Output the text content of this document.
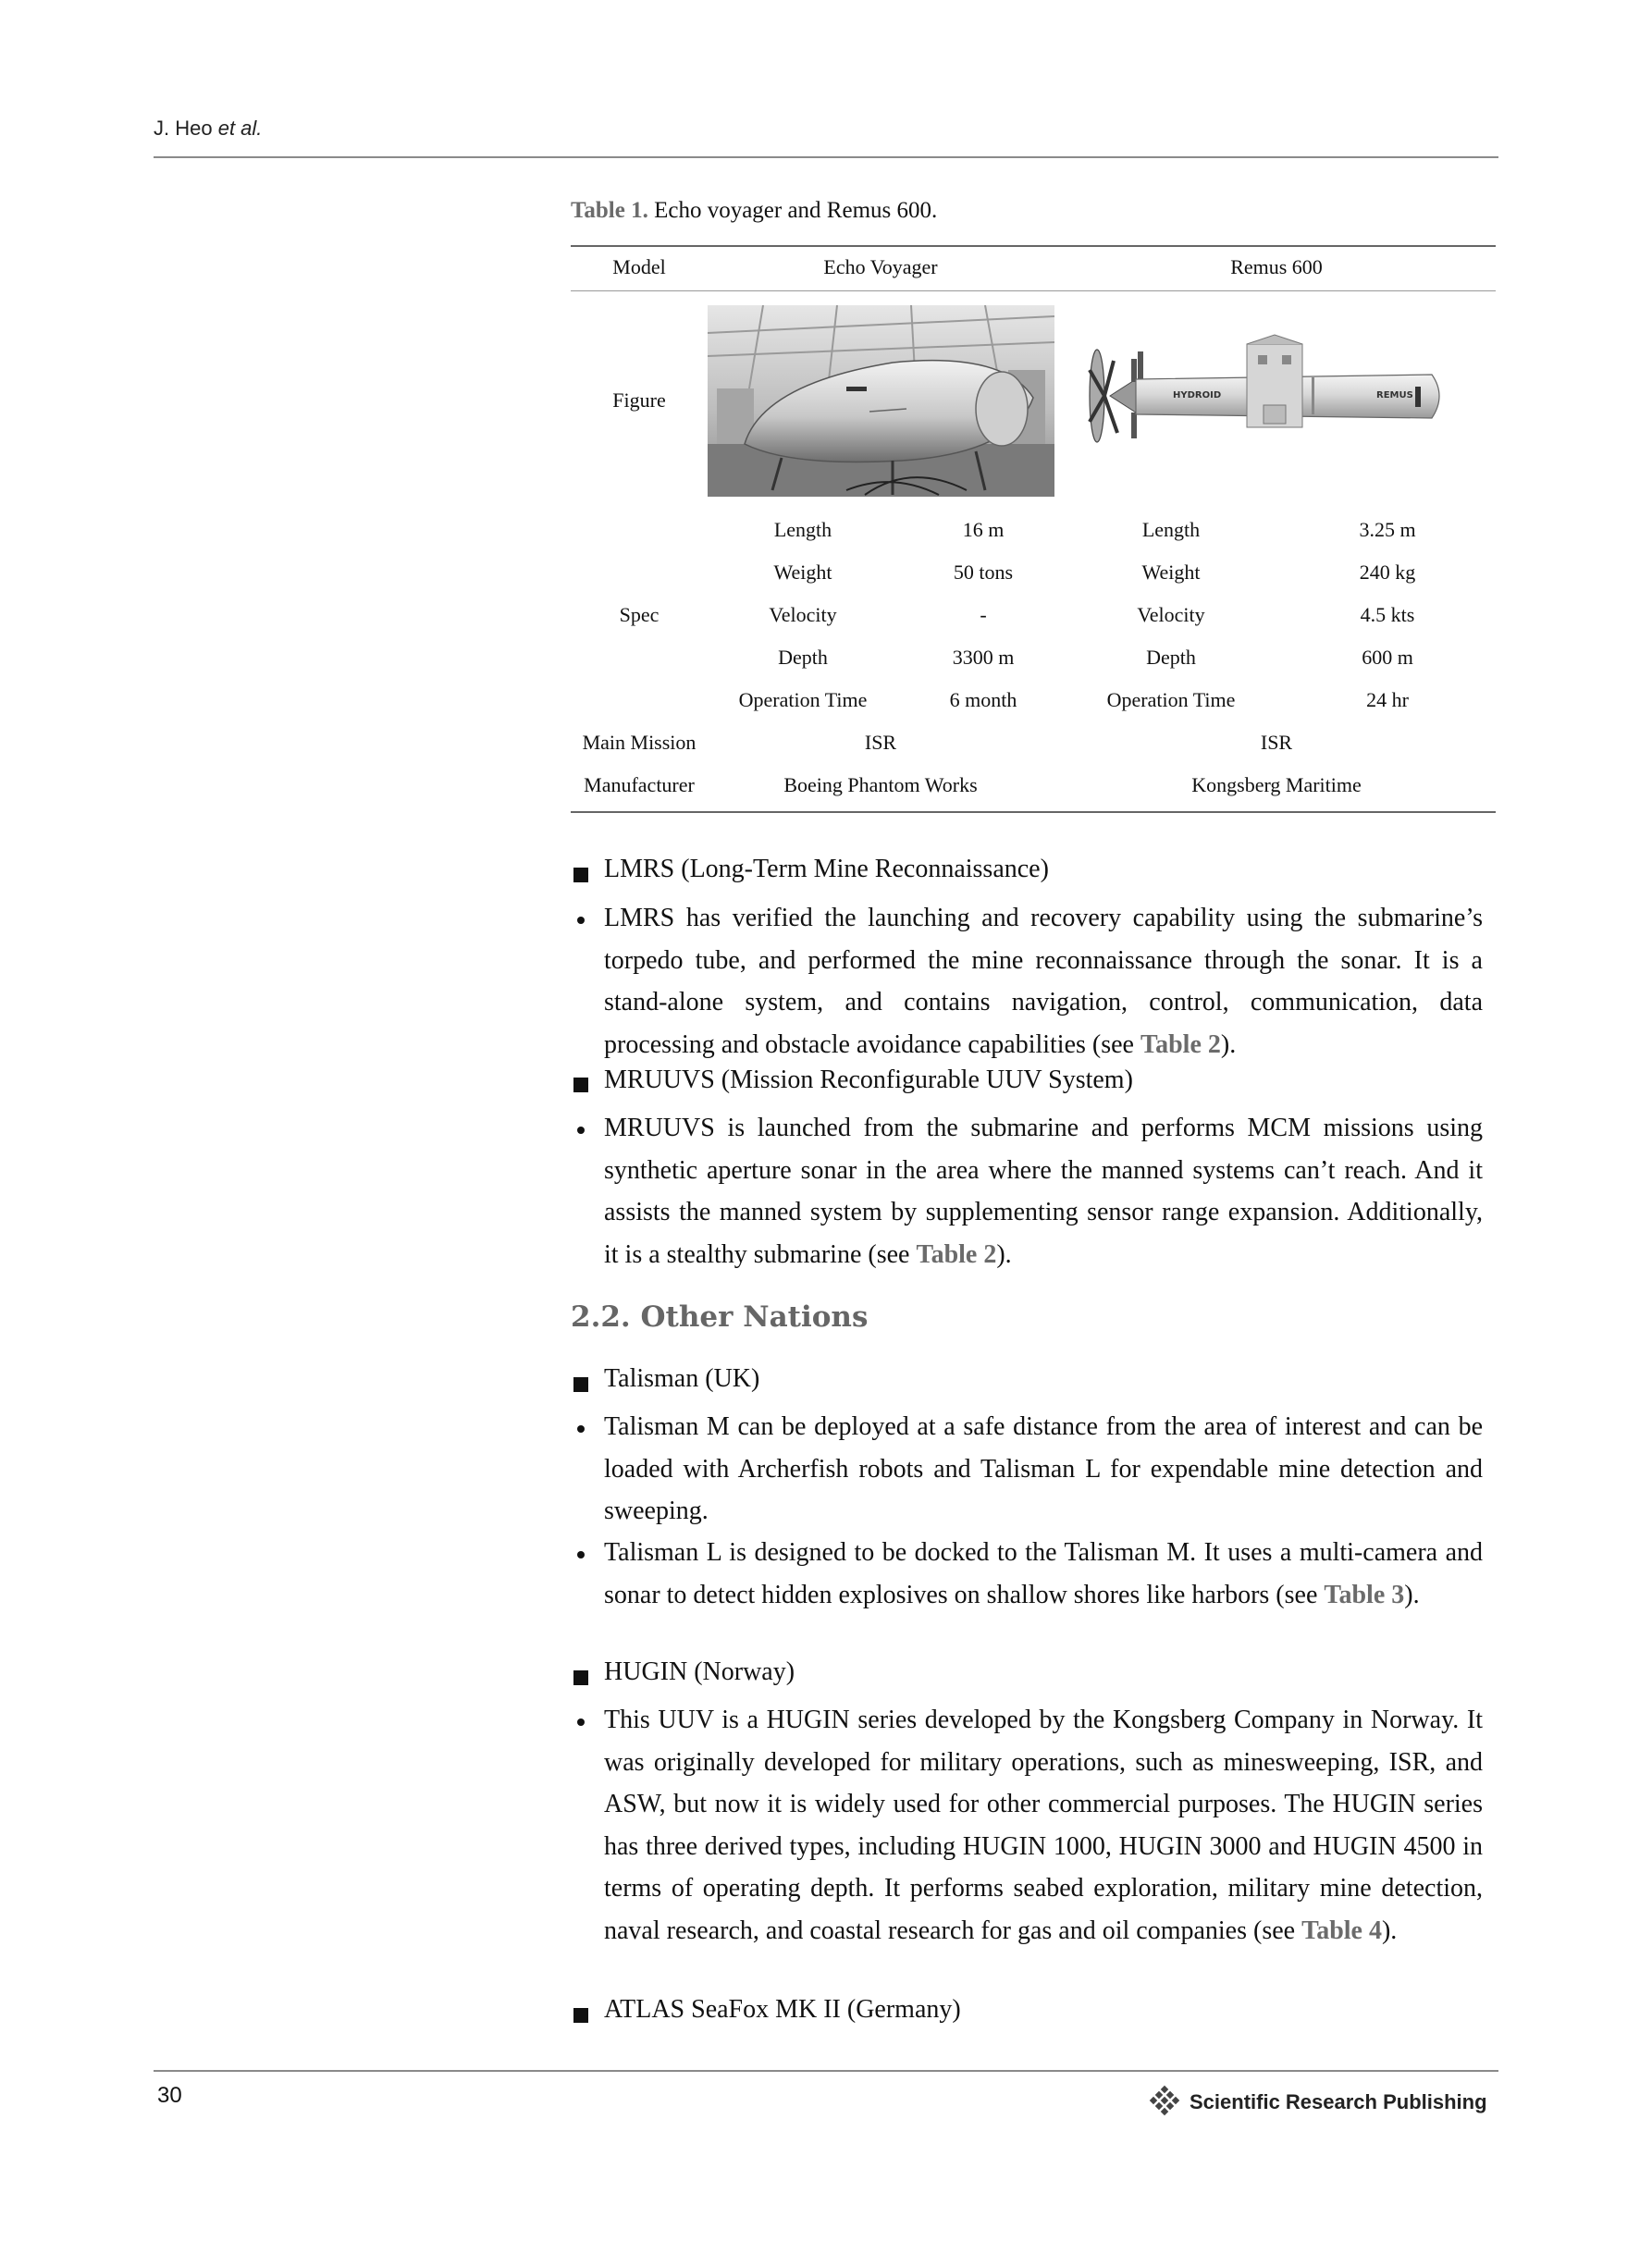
J. Heo et al.
Table 1. Echo voyager and Remus 600.
Model	Echo Voyager	Remus 600
Figure	HYDROID	REMUS
Spec
Length	16 m	Length	3.25 m
Weight	50 tons	Weight	240 kg
Velocity	-	Velocity	4.5 kts
Depth	3300 m	Depth	600 m
Operation Time	6 month	Operation Time	24 hr
Main Mission	ISR	ISR
Manufacturer	Boeing Phantom Works	Kongsberg Maritime
LMRS (Long-Term Mine Reconnaissance)
LMRS has verified the launching and recovery capability using the submarine’s torpedo tube, and performed the mine reconnaissance through the sonar. It is a stand-alone system, and contains navigation, control, communication, data processing and obstacle avoidance capabilities (see Table 2).
MRUUVS (Mission Reconfigurable UUV System)
MRUUVS is launched from the submarine and performs MCM missions using synthetic aperture sonar in the area where the manned systems can’t reach. And it assists the manned system by supplementing sensor range expansion. Additionally, it is a stealthy submarine (see Table 2).
2.2. Other Nations
Talisman (UK)
Talisman M can be deployed at a safe distance from the area of interest and can be loaded with Archerfish robots and Talisman L for expendable mine detection and sweeping.
Talisman L is designed to be docked to the Talisman M. It uses a multi-camera and sonar to detect hidden explosives on shallow shores like harbors (see Table 3).
HUGIN (Norway)
This UUV is a HUGIN series developed by the Kongsberg Company in Norway. It was originally developed for military operations, such as minesweeping, ISR, and ASW, but now it is widely used for other commercial purposes. The HUGIN series has three derived types, including HUGIN 1000, HUGIN 3000 and HUGIN 4500 in terms of operating depth. It performs seabed exploration, military mine detection, naval research, and coastal research for gas and oil companies (see Table 4).
ATLAS SeaFox MK II (Germany)
30	Scientific Research Publishing
